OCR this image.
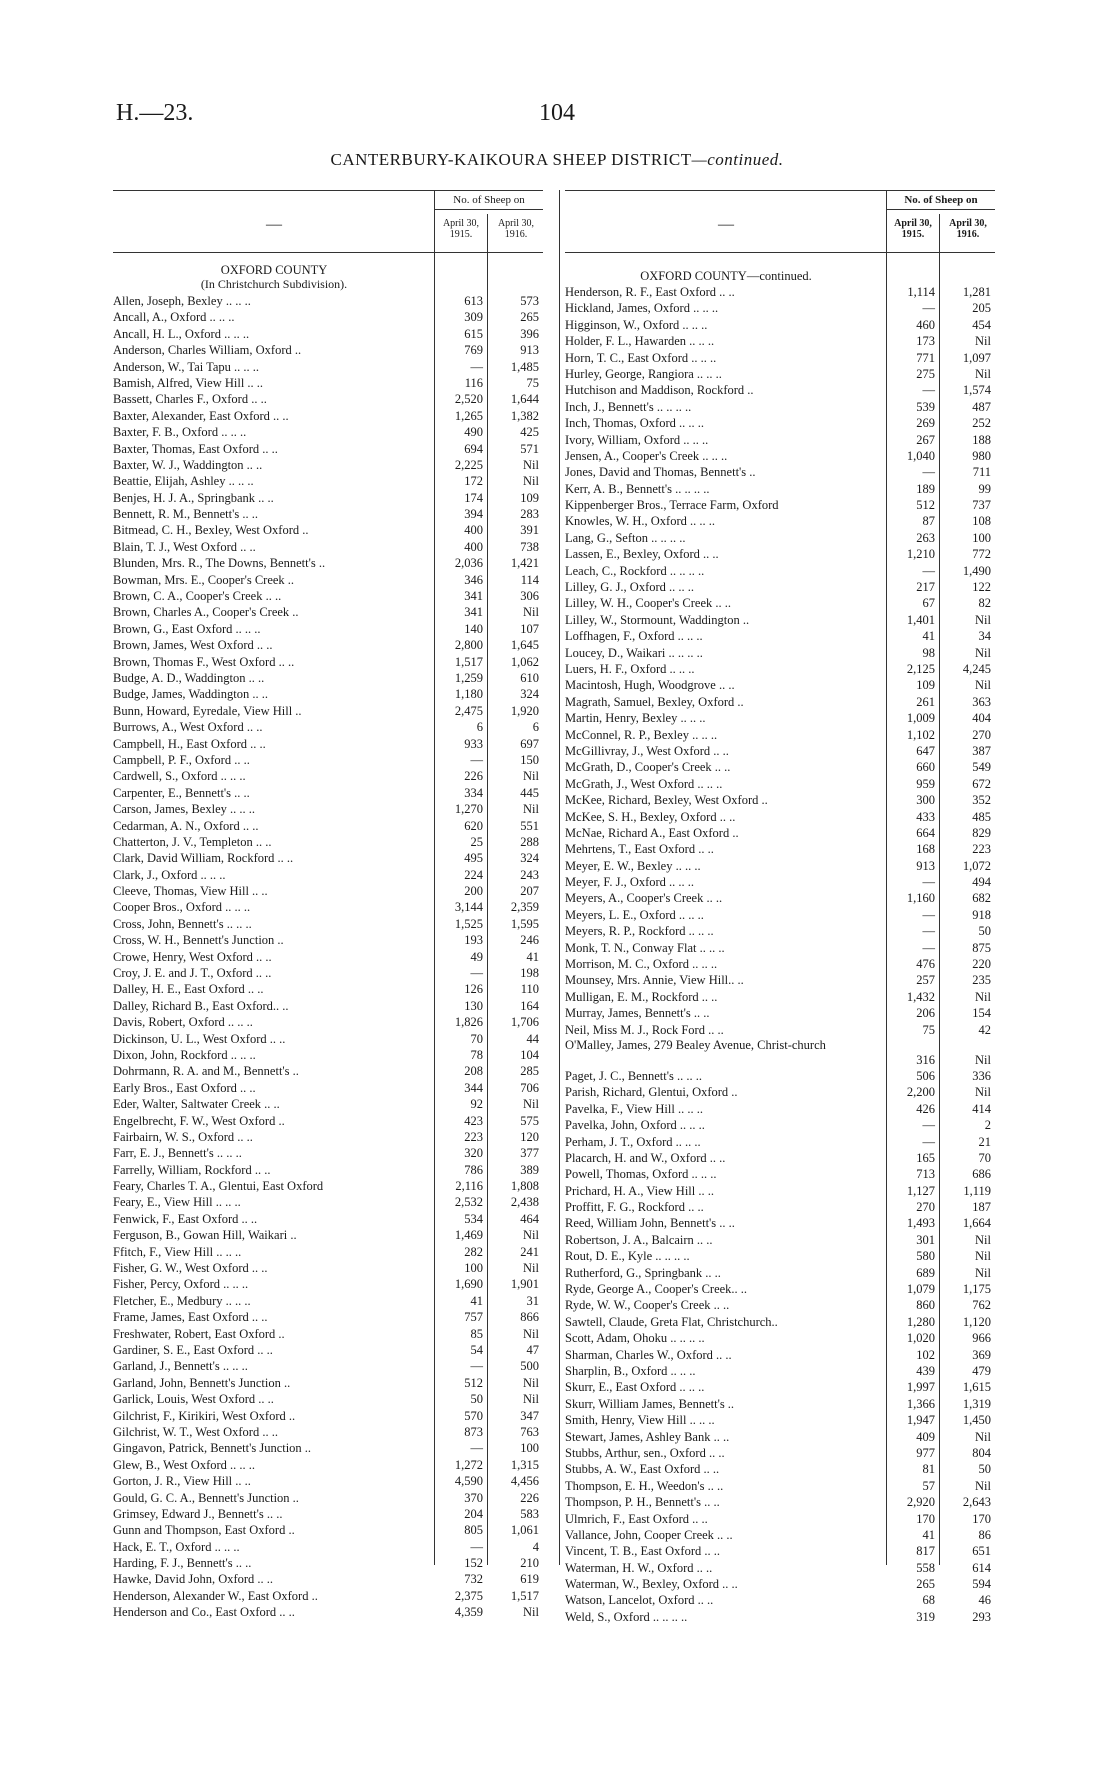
H.—23.	104
CANTERBURY-KAIKOURA SHEEP DISTRICT—continued.
—
No. of Sheep on
April 30,
1915.
April 30,
1916.
OXFORD COUNTY
(In Christchurch Subdivision).
Allen, Joseph, Bexley .. .. ..	613	573
Ancall, A., Oxford .. .. ..	309	265
Ancall, H. L., Oxford .. .. ..	615	396
Anderson, Charles William, Oxford ..	769	913
Anderson, W., Tai Tapu .. .. ..	—	1,485
Bamish, Alfred, View Hill .. ..	116	75
Bassett, Charles F., Oxford .. ..	2,520	1,644
Baxter, Alexander, East Oxford .. ..	1,265	1,382
Baxter, F. B., Oxford .. .. ..	490	425
Baxter, Thomas, East Oxford .. ..	694	571
Baxter, W. J., Waddington .. ..	2,225	Nil
Beattie, Elijah, Ashley .. .. ..	172	Nil
Benjes, H. J. A., Springbank .. ..	174	109
Bennett, R. M., Bennett's .. ..	394	283
Bitmead, C. H., Bexley, West Oxford ..	400	391
Blain, T. J., West Oxford .. ..	400	738
Blunden, Mrs. R., The Downs, Bennett's ..	2,036	1,421
Bowman, Mrs. E., Cooper's Creek ..	346	114
Brown, C. A., Cooper's Creek .. ..	341	306
Brown, Charles A., Cooper's Creek ..	341	Nil
Brown, G., East Oxford .. .. ..	140	107
Brown, James, West Oxford .. ..	2,800	1,645
Brown, Thomas F., West Oxford .. ..	1,517	1,062
Budge, A. D., Waddington .. ..	1,259	610
Budge, James, Waddington .. ..	1,180	324
Bunn, Howard, Eyredale, View Hill ..	2,475	1,920
Burrows, A., West Oxford .. ..	6	6
Campbell, H., East Oxford .. ..	933	697
Campbell, P. F., Oxford .. ..	—	150
Cardwell, S., Oxford .. .. ..	226	Nil
Carpenter, E., Bennett's .. ..	334	445
Carson, James, Bexley .. .. ..	1,270	Nil
Cedarman, A. N., Oxford .. ..	620	551
Chatterton, J. V., Templeton .. ..	25	288
Clark, David William, Rockford .. ..	495	324
Clark, J., Oxford .. .. ..	224	243
Cleeve, Thomas, View Hill .. ..	200	207
Cooper Bros., Oxford .. .. ..	3,144	2,359
Cross, John, Bennett's .. .. ..	1,525	1,595
Cross, W. H., Bennett's Junction ..	193	246
Crowe, Henry, West Oxford .. ..	49	41
Croy, J. E. and J. T., Oxford .. ..	—	198
Dalley, H. E., East Oxford .. ..	126	110
Dalley, Richard B., East Oxford.. ..	130	164
Davis, Robert, Oxford .. .. ..	1,826	1,706
Dickinson, U. L., West Oxford .. ..	70	44
Dixon, John, Rockford .. .. ..	78	104
Dohrmann, R. A. and M., Bennett's ..	208	285
Early Bros., East Oxford .. ..	344	706
Eder, Walter, Saltwater Creek .. ..	92	Nil
Engelbrecht, F. W., West Oxford ..	423	575
Fairbairn, W. S., Oxford .. ..	223	120
Farr, E. J., Bennett's .. .. ..	320	377
Farrelly, William, Rockford .. ..	786	389
Feary, Charles T. A., Glentui, East Oxford	2,116	1,808
Feary, E., View Hill .. .. ..	2,532	2,438
Fenwick, F., East Oxford .. ..	534	464
Ferguson, B., Gowan Hill, Waikari ..	1,469	Nil
Ffitch, F., View Hill .. .. ..	282	241
Fisher, G. W., West Oxford .. ..	100	Nil
Fisher, Percy, Oxford .. .. ..	1,690	1,901
Fletcher, E., Medbury .. .. ..	41	31
Frame, James, East Oxford .. ..	757	866
Freshwater, Robert, East Oxford ..	85	Nil
Gardiner, S. E., East Oxford .. ..	54	47
Garland, J., Bennett's .. .. ..	—	500
Garland, John, Bennett's Junction ..	512	Nil
Garlick, Louis, West Oxford .. ..	50	Nil
Gilchrist, F., Kirikiri, West Oxford ..	570	347
Gilchrist, W. T., West Oxford .. ..	873	763
Gingavon, Patrick, Bennett's Junction ..	—	100
Glew, B., West Oxford .. .. ..	1,272	1,315
Gorton, J. R., View Hill .. ..	4,590	4,456
Gould, G. C. A., Bennett's Junction ..	370	226
Grimsey, Edward J., Bennett's .. ..	204	583
Gunn and Thompson, East Oxford ..	805	1,061
Hack, E. T., Oxford .. .. ..	—	4
Harding, F. J., Bennett's .. ..	152	210
Hawke, David John, Oxford .. ..	732	619
Henderson, Alexander W., East Oxford ..	2,375	1,517
Henderson and Co., East Oxford .. ..	4,359	Nil
—
No. of Sheep on
April 30,
1915.
April 30,
1916.
OXFORD COUNTY—continued.
Henderson, R. F., East Oxford .. ..	1,114	1,281
Hickland, James, Oxford .. .. ..	—	205
Higginson, W., Oxford .. .. ..	460	454
Holder, F. L., Hawarden .. .. ..	173	Nil
Horn, T. C., East Oxford .. .. ..	771	1,097
Hurley, George, Rangiora .. .. ..	275	Nil
Hutchison and Maddison, Rockford ..	—	1,574
Inch, J., Bennett's .. .. .. ..	539	487
Inch, Thomas, Oxford .. .. ..	269	252
Ivory, William, Oxford .. .. ..	267	188
Jensen, A., Cooper's Creek .. .. ..	1,040	980
Jones, David and Thomas, Bennett's ..	—	711
Kerr, A. B., Bennett's .. .. .. ..	189	99
Kippenberger Bros., Terrace Farm, Oxford	512	737
Knowles, W. H., Oxford .. .. ..	87	108
Lang, G., Sefton .. .. .. ..	263	100
Lassen, E., Bexley, Oxford .. ..	1,210	772
Leach, C., Rockford .. .. .. ..	—	1,490
Lilley, G. J., Oxford .. .. ..	217	122
Lilley, W. H., Cooper's Creek .. ..	67	82
Lilley, W., Stormount, Waddington ..	1,401	Nil
Loffhagen, F., Oxford .. .. ..	41	34
Loucey, D., Waikari .. .. .. ..	98	Nil
Luers, H. F., Oxford .. .. ..	2,125	4,245
Macintosh, Hugh, Woodgrove .. ..	109	Nil
Magrath, Samuel, Bexley, Oxford ..	261	363
Martin, Henry, Bexley .. .. ..	1,009	404
McConnel, R. P., Bexley .. .. ..	1,102	270
McGillivray, J., West Oxford .. ..	647	387
McGrath, D., Cooper's Creek .. ..	660	549
McGrath, J., West Oxford .. .. ..	959	672
McKee, Richard, Bexley, West Oxford ..	300	352
McKee, S. H., Bexley, Oxford .. ..	433	485
McNae, Richard A., East Oxford ..	664	829
Mehrtens, T., East Oxford .. ..	168	223
Meyer, E. W., Bexley .. .. ..	913	1,072
Meyer, F. J., Oxford .. .. ..	—	494
Meyers, A., Cooper's Creek .. ..	1,160	682
Meyers, L. E., Oxford .. .. ..	—	918
Meyers, R. P., Rockford .. .. ..	—	50
Monk, T. N., Conway Flat .. .. ..	—	875
Morrison, M. C., Oxford .. .. ..	476	220
Mounsey, Mrs. Annie, View Hill.. ..	257	235
Mulligan, E. M., Rockford .. ..	1,432	Nil
Murray, James, Bennett's .. ..	206	154
Neil, Miss M. J., Rock Ford .. ..	75	42
O'Malley, James, 279 Bealey Avenue, Christ-church
316	Nil
Paget, J. C., Bennett's .. .. ..	506	336
Parish, Richard, Glentui, Oxford ..	2,200	Nil
Pavelka, F., View Hill .. .. ..	426	414
Pavelka, John, Oxford .. .. ..	—	2
Perham, J. T., Oxford .. .. ..	—	21
Placarch, H. and W., Oxford .. ..	165	70
Powell, Thomas, Oxford .. .. ..	713	686
Prichard, H. A., View Hill .. ..	1,127	1,119
Proffitt, F. G., Rockford .. ..	270	187
Reed, William John, Bennett's .. ..	1,493	1,664
Robertson, J. A., Balcairn .. ..	301	Nil
Rout, D. E., Kyle .. .. .. ..	580	Nil
Rutherford, G., Springbank .. ..	689	Nil
Ryde, George A., Cooper's Creek.. ..	1,079	1,175
Ryde, W. W., Cooper's Creek .. ..	860	762
Sawtell, Claude, Greta Flat, Christchurch..	1,280	1,120
Scott, Adam, Ohoku .. .. .. ..	1,020	966
Sharman, Charles W., Oxford .. ..	102	369
Sharplin, B., Oxford .. .. ..	439	479
Skurr, E., East Oxford .. .. ..	1,997	1,615
Skurr, William James, Bennett's ..	1,366	1,319
Smith, Henry, View Hill .. .. ..	1,947	1,450
Stewart, James, Ashley Bank .. ..	409	Nil
Stubbs, Arthur, sen., Oxford .. ..	977	804
Stubbs, A. W., East Oxford .. ..	81	50
Thompson, E. H., Weedon's .. ..	57	Nil
Thompson, P. H., Bennett's .. ..	2,920	2,643
Ulmrich, F., East Oxford .. ..	170	170
Vallance, John, Cooper Creek .. ..	41	86
Vincent, T. B., East Oxford .. ..	817	651
Waterman, H. W., Oxford .. ..	558	614
Waterman, W., Bexley, Oxford .. ..	265	594
Watson, Lancelot, Oxford .. ..	68	46
Weld, S., Oxford .. .. .. ..	319	293
